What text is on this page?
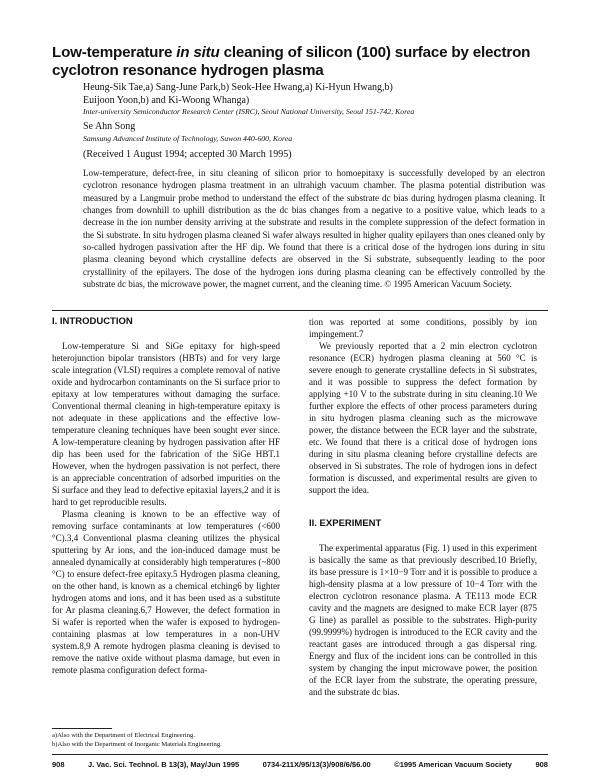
Low-temperature in situ cleaning of silicon (100) surface by electron cyclotron resonance hydrogen plasma
Heung-Sik Tae,a) Sang-June Park,b) Seok-Hee Hwang,a) Ki-Hyun Hwang,b)
Euijoon Yoon,b) and Ki-Woong Whanga)
Inter-university Semiconductor Research Center (ISRC), Seoul National University, Seoul 151-742, Korea
Se Ahn Song
Samsung Advanced Institute of Technology, Suwon 440-600, Korea
(Received 1 August 1994; accepted 30 March 1995)
Low-temperature, defect-free, in situ cleaning of silicon prior to homoepitaxy is successfully developed by an electron cyclotron resonance hydrogen plasma treatment in an ultrahigh vacuum chamber. The plasma potential distribution was measured by a Langmuir probe method to understand the effect of the substrate dc bias during hydrogen plasma cleaning. It changes from downhill to uphill distribution as the dc bias changes from a negative to a positive value, which leads to a decrease in the ion number density arriving at the substrate and results in the complete suppression of the defect formation in the Si substrate. In situ hydrogen plasma cleaned Si wafer always resulted in higher quality epilayers than ones cleaned only by so-called hydrogen passivation after the HF dip. We found that there is a critical dose of the hydrogen ions during in situ plasma cleaning beyond which crystalline defects are observed in the Si substrate, subsequently leading to the poor crystallinity of the epilayers. The dose of the hydrogen ions during plasma cleaning can be effectively controlled by the substrate dc bias, the microwave power, the magnet current, and the cleaning time. © 1995 American Vacuum Society.
I. INTRODUCTION

Low-temperature Si and SiGe epitaxy for high-speed heterojunction bipolar transistors (HBTs) and for very large scale integration (VLSI) requires a complete removal of native oxide and hydrocarbon contaminants on the Si surface prior to epitaxy at low temperatures without damaging the surface. Conventional thermal cleaning in high-temperature epitaxy is not adequate in these applications and the effective low-temperature cleaning techniques have been sought ever since. A low-temperature cleaning by hydrogen passivation after HF dip has been used for the fabrication of the SiGe HBT.1 However, when the hydrogen passivation is not perfect, there is an appreciable concentration of adsorbed impurities on the Si surface and they lead to defective epitaxial layers,2 and it is hard to get reproducible results.

Plasma cleaning is known to be an effective way of removing surface contaminants at low temperatures (<600 °C).3,4 Conventional plasma cleaning utilizes the physical sputtering by Ar ions, and the ion-induced damage must be annealed dynamically at considerably high temperatures (~800 °C) to ensure defect-free epitaxy.5 Hydrogen plasma cleaning, on the other hand, is known as a chemical etching6 by lighter hydrogen atoms and ions, and it has been used as a substitute for Ar plasma cleaning.6,7 However, the defect formation in Si wafer is reported when the wafer is exposed to hydrogen-containing plasmas at low temperatures in a non-UHV system.8,9 A remote hydrogen plasma cleaning is devised to remove the native oxide without plasma damage, but even in remote plasma configuration defect forma-

tion was reported at some conditions, possibly by ion impingement.7

We previously reported that a 2 min electron cyclotron resonance (ECR) hydrogen plasma cleaning at 560 °C is severe enough to generate crystalline defects in Si substrates, and it was possible to suppress the defect formation by applying +10 V to the substrate during in situ cleaning.10 We further explore the effects of other process parameters during in situ hydrogen plasma cleaning such as the microwave power, the distance between the ECR layer and the substrate, etc. We found that there is a critical dose of hydrogen ions during in situ plasma cleaning before crystalline defects are observed in Si substrates. The role of hydrogen ions in defect formation is discussed, and experimental results are given to support the idea.

II. EXPERIMENT

The experimental apparatus (Fig. 1) used in this experiment is basically the same as that previously described.10 Briefly, its base pressure is 1×10−9 Torr and it is possible to produce a high-density plasma at a low pressure of 10−4 Torr with the electron cyclotron resonance plasma. A TE113 mode ECR cavity and the magnets are designed to make ECR layer (875 G line) as parallel as possible to the substrates. High-purity (99.9999%) hydrogen is introduced to the ECR cavity and the reactant gases are introduced through a gas dispersal ring. Energy and flux of the incident ions can be controlled in this system by changing the input microwave power, the position of the ECR layer from the substrate, the operating pressure, and the substrate dc bias.

a)Also with the Department of Electrical Engineering.
b)Also with the Department of Inorganic Materials Engineering.
908	J. Vac. Sci. Technol. B 13(3), May/Jun 1995	0734-211X/95/13(3)/908/6/$6.00	©1995 American Vacuum Society	908
